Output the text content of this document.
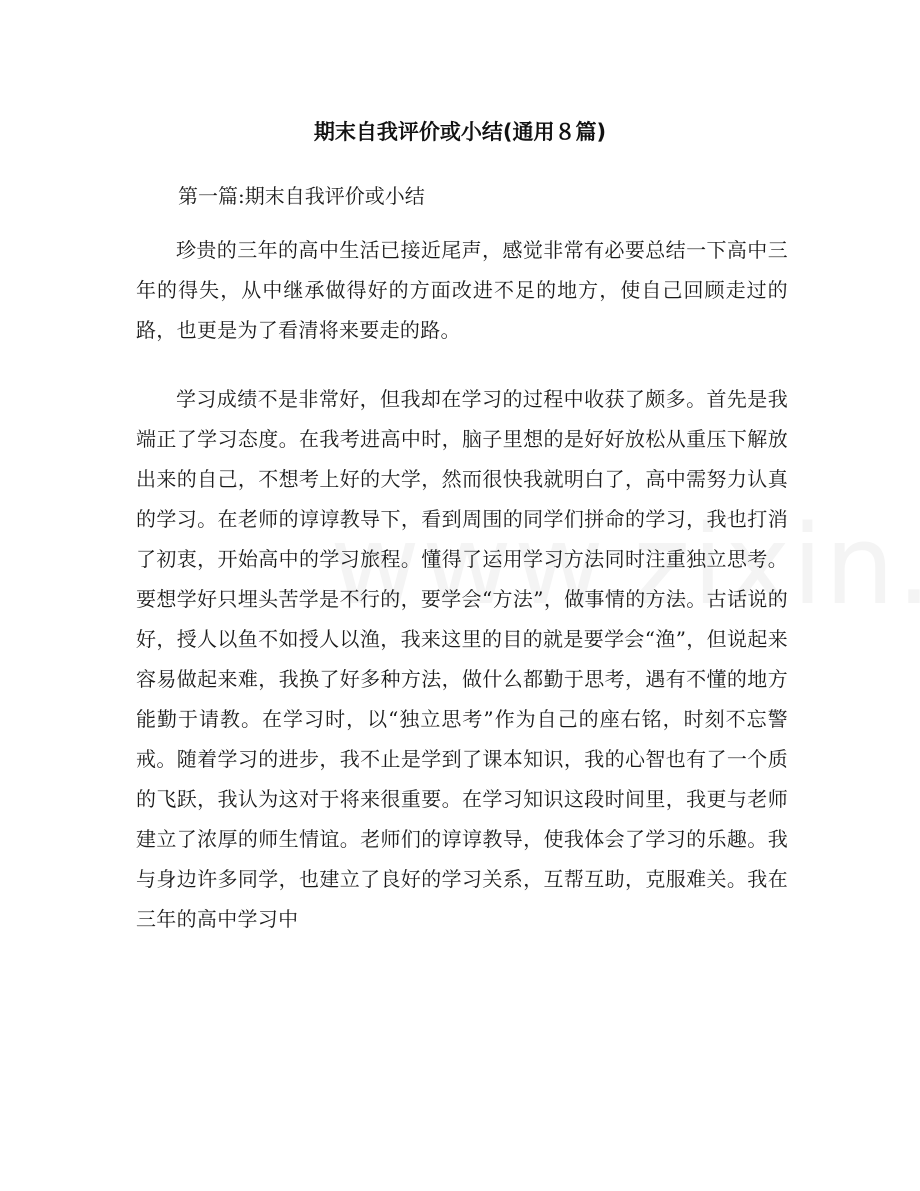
期末自我评价或小结(通用８篇)
第一篇:期末自我评价或小结

珍贵的三年的高中生活已接近尾声，感觉非常有必要总结一下高中三年的得失，从中继承做得好的方面改进不足的地方，使自己回顾走过的路，也更是为了看清将来要走的路。

学习成绩不是非常好，但我却在学习的过程中收获了颇多。首先是我端正了学习态度。在我考进高中时，脑子里想的是好好放松从重压下解放出来的自己，不想考上好的大学，然而很快我就明白了，高中需努力认真的学习。在老师的谆谆教导下，看到周围的同学们拼命的学习，我也打消了初衷，开始高中的学习旅程。懂得了运用学习方法同时注重独立思考。要想学好只埋头苦学是不行的，要学会“方法”，做事情的方法。古话说的好，授人以鱼不如授人以渔，我来这里的目的就是要学会“渔”，但说起来容易做起来难，我换了好多种方法，做什么都勤于思考，遇有不懂的地方能勤于请教。在学习时，以“独立思考”作为自己的座右铭，时刻不忘警戒。随着学习的进步，我不止是学到了课本知识，我的心智也有了一个质的飞跃，我认为这对于将来很重要。在学习知识这段时间里，我更与老师建立了浓厚的师生情谊。老师们的谆谆教导，使我体会了学习的乐趣。我与身边许多同学，也建立了良好的学习关系，互帮互助，克服难关。我在三年的高中学习中
